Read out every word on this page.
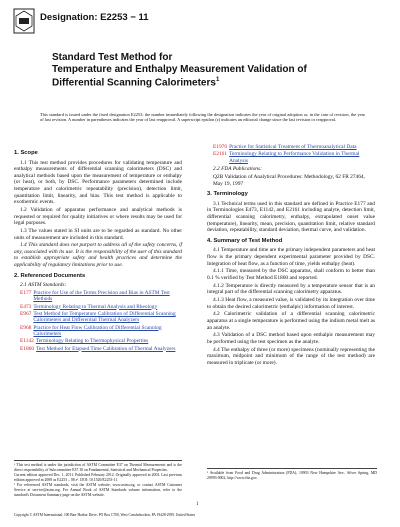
Designation: E2253 − 11
Standard Test Method for
Temperature and Enthalpy Measurement Validation of
Differential Scanning Calorimeters$^1$
This standard is issued under the fixed designation E2253; the number immediately following the designation indicates the year of original adoption or, in the case of revision, the year of last revision. A number in parentheses indicates the year of last reapproval. A superscript epsilon (ε) indicates an editorial change since the last revision or reapproval.
1. Scope

1.1 This test method provides procedures for validating temperature and enthalpy measurements of differential scanning calorimeters (DSC) and analytical methods based upon the measurement of temperature or enthalpy (or heat), or both, by DSC. Performance parameters determined include temperature and calorimetric repeatability (precision), detection limit, quantitation limit, linearity, and bias. This test method is applicable to exothermic events.

1.2 Validation of apparatus performance and analytical methods is requested or required for quality initiatives or where results may be used for legal purposes.

1.3 The values stated in SI units are to be regarded as standard. No other units of measurement are included in this standard.

1.4 This standard does not purport to address all of the safety concerns, if any, associated with its use. It is the responsibility of the user of this standard to establish appropriate safety and health practices and determine the applicability of regulatory limitations prior to use.

2. Referenced Documents
2.1 ASTM Standards:
E177 Practice for Use of the Terms Precision and Bias in ASTM Test Methods
E473 Terminology Relating to Thermal Analysis and Rheology
E967 Test Method for Temperature Calibration of Differential Scanning Calorimeters and Differential Thermal Analyzers
E968 Practice for Heat Flow Calibration of Differential Scanning Calorimeters
E1142 Terminology Relating to Thermophysical Properties
E1860 Test Method for Elapsed Time Calibration of Thermal Analyzers
E1970 Practice for Statistical Treatment of Thermoanalytical Data
E2161 Terminology Relating to Performance Validation in Thermal Analysis
2.2 FDA Publications:
Q2B Validation of Analytical Procedures: Methodology, 62 FR 27464, May 19, 1997
3. Terminology

3.1 Technical terms used in this standard are defined in Practice E177 and in Terminologies E473, E1142, and E2161 including analyte, detection limit, differential scanning calorimetry, enthalpy, extrapolated onset value (temperature), linearity, mean, precision, quantitation limit, relative standard deviation, repeatability, standard deviation, thermal curve, and validation.

4. Summary of Test Method

4.1 Temperature and time are the primary independent parameters and heat flow is the primary dependent experimental parameter provided by DSC. Integration of heat flow, as a function of time, yields enthalpy (heat).

4.1.1 Time, measured by the DSC apparatus, shall conform to better than 0.1 % verified by Test Method E1860 and reported.

4.1.2 Temperature is directly measured by a temperature sensor that is an integral part of the differential scanning calorimetry apparatus.

4.1.3 Heat flow, a measured value, is validated by its integration over time to obtain the desired calorimetric (enthalpic) information of interest.

4.2 Calorimetric validation of a differential scanning calorimetric apparatus at a single temperature is performed using the indium metal melt as an analyte.

4.3 Validation of a DSC method based upon enthalpic measurement may be performed using the test specimen as the analyte.

4.4 The enthalpy of three (or more) specimens (nominally representing the maximum, midpoint and minimum of the range of the test method) are measured in triplicate (or more).

¹ This test method is under the jurisdiction of ASTM Committee E37 on Thermal Measurements and is the direct responsibility of Subcommittee E37.10 on Fundamental, Statistical and Mechanical Properties.

Current edition approved Dec. 1, 2011. Published February 2012. Originally approved in 2003. Last previous edition approved in 2008 as E2253 – 08 ε¹. DOI: 10.1520/E2253-11.

² For referenced ASTM standards, visit the ASTM website, www.astm.org, or contact ASTM Customer Service at service@astm.org. For Annual Book of ASTM Standards volume information, refer to the standard's Document Summary page on the ASTM website.

³ Available from Food and Drug Administration (FDA), 10903 New Hampshire Ave., Silver Spring, MD 20993-0002, http://www.fda.gov.

1
Copyright © ASTM International, 100 Barr Harbor Drive, PO Box C700, West Conshohocken, PA 19428-2959. United States
